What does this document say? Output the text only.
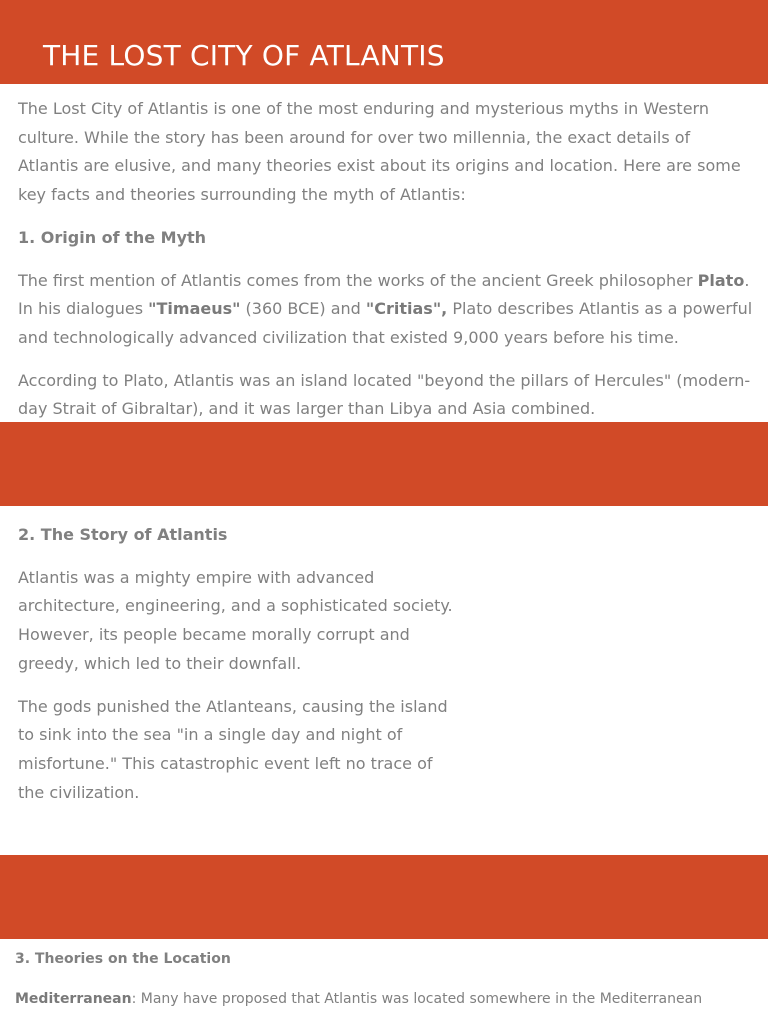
THE LOST CITY OF ATLANTIS

The Lost City of Atlantis is one of the most enduring and mysterious myths in Western culture. While the story has been around for over two millennia, the exact details of Atlantis are elusive, and many theories exist about its origins and location. Here are some key facts and theories surrounding the myth of Atlantis:

1. Origin of the Myth

The first mention of Atlantis comes from the works of the ancient Greek philosopher Plato. In his dialogues "Timaeus" (360 BCE) and "Critias", Plato describes Atlantis as a powerful and technologically advanced civilization that existed 9,000 years before his time.

According to Plato, Atlantis was an island located "beyond the pillars of Hercules" (modern-day Strait of Gibraltar), and it was larger than Libya and Asia combined.

2. The Story of Atlantis

Atlantis was a mighty empire with advanced architecture, engineering, and a sophisticated society. However, its people became morally corrupt and greedy, which led to their downfall.

The gods punished the Atlanteans, causing the island to sink into the sea "in a single day and night of misfortune." This catastrophic event left no trace of the civilization.

3. Theories on the Location

Mediterranean: Many have proposed that Atlantis was located somewhere in the Mediterranean
